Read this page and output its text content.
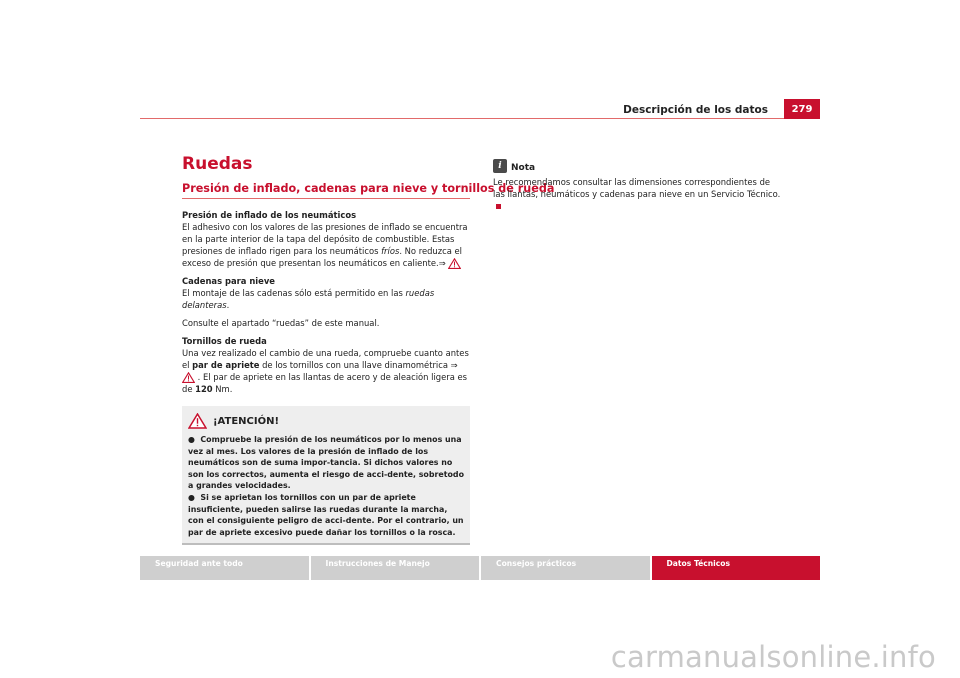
Descripción de los datos	279
Ruedas
Presión de inflado, cadenas para nieve y tornillos de rueda
Presión de inflado de los neumáticos

El adhesivo con los valores de las presiones de inflado se encuentra en la parte interior de la tapa del depósito de combustible. Estas presiones de inflado rigen para los neumáticos fríos. No reduzca el exceso de presión que presentan los neumáticos en caliente.⇒

Cadenas para nieve

El montaje de las cadenas sólo está permitido en las ruedas delanteras.

Consulte el apartado “ruedas” de este manual.

Tornillos de rueda

Una vez realizado el cambio de una rueda, compruebe cuanto antes el par de apriete de los tornillos con una llave dinamométrica ⇒  . El par de apriete en las llantas de acero y de aleación ligera es de 120 Nm.

¡ATENCIÓN!

●  Compruebe la presión de los neumáticos por lo menos una vez al mes. Los valores de la presión de inflado de los neumáticos son de suma impor-tancia. Si dichos valores no son los correctos, aumenta el riesgo de acci-dente, sobretodo a grandes velocidades.

●  Si se aprietan los tornillos con un par de apriete insuficiente, pueden salirse las ruedas durante la marcha, con el consiguiente peligro de acci-dente. Por el contrario, un par de apriete excesivo puede dañar los tornillos o la rosca.

i	Nota

Le recomendamos consultar las dimensiones correspondientes de las llantas, neumáticos y cadenas para nieve en un Servicio Técnico.

Seguridad ante todo	Instrucciones de Manejo	Consejos prácticos	Datos Técnicos
carmanualsonline.info
